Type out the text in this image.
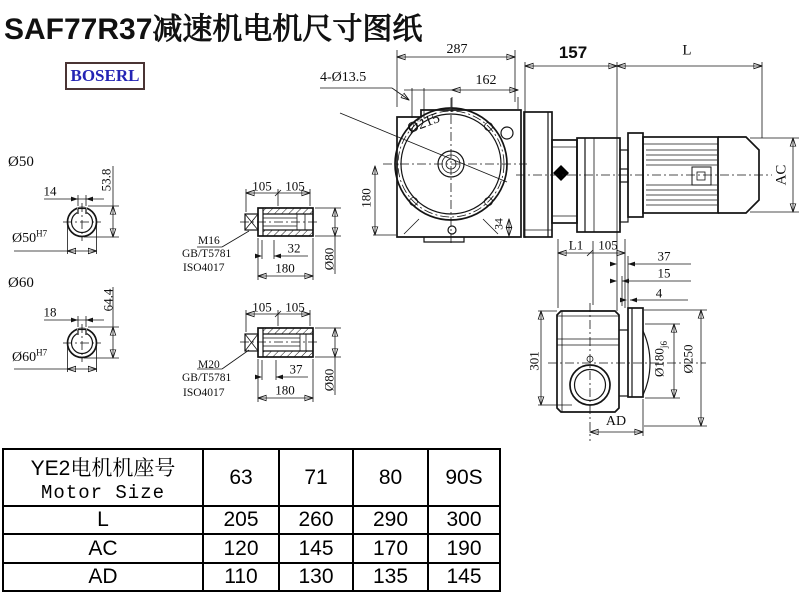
SAF77R37减速机电机尺寸图纸
BOSERL
Ø50
14	53.8
$Ø50^{H7}$
Ø60
18
64.4
$Ø60^{H7}$
105 105
32
180 Ø80
M16
GB/T5781
ISO4017
105 105
37
180 Ø80
M20
GB/T5781
ISO4017
287
162
4-Ø13.5
Ø215
157	L
AC
180
34
L1 105
37
15
4
301	$Ø180_{j6}$ Ø250
AD
YE2电机机座号
Motor Size	63	71	80	90S
L	205	260	290	300
AC	120	145	170	190
AD	110	130	135	145
